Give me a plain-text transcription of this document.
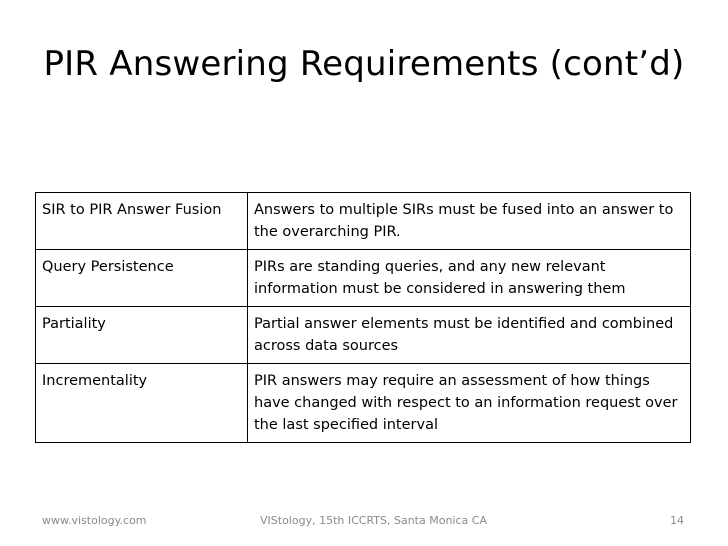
PIR Answering Requirements (cont’d)
SIR to PIR Answer Fusion	Answers to multiple SIRs must be fused into an answer to the overarching PIR.
Query Persistence	PIRs are standing queries, and any new relevant information must be considered in answering them
Partiality	Partial answer elements must be identified and combined across data sources
Incrementality	PIR answers may require an assessment of how things have changed with respect to an information request over the last specified interval
www.vistology.com	VIStology, 15th ICCRTS, Santa Monica CA	14
